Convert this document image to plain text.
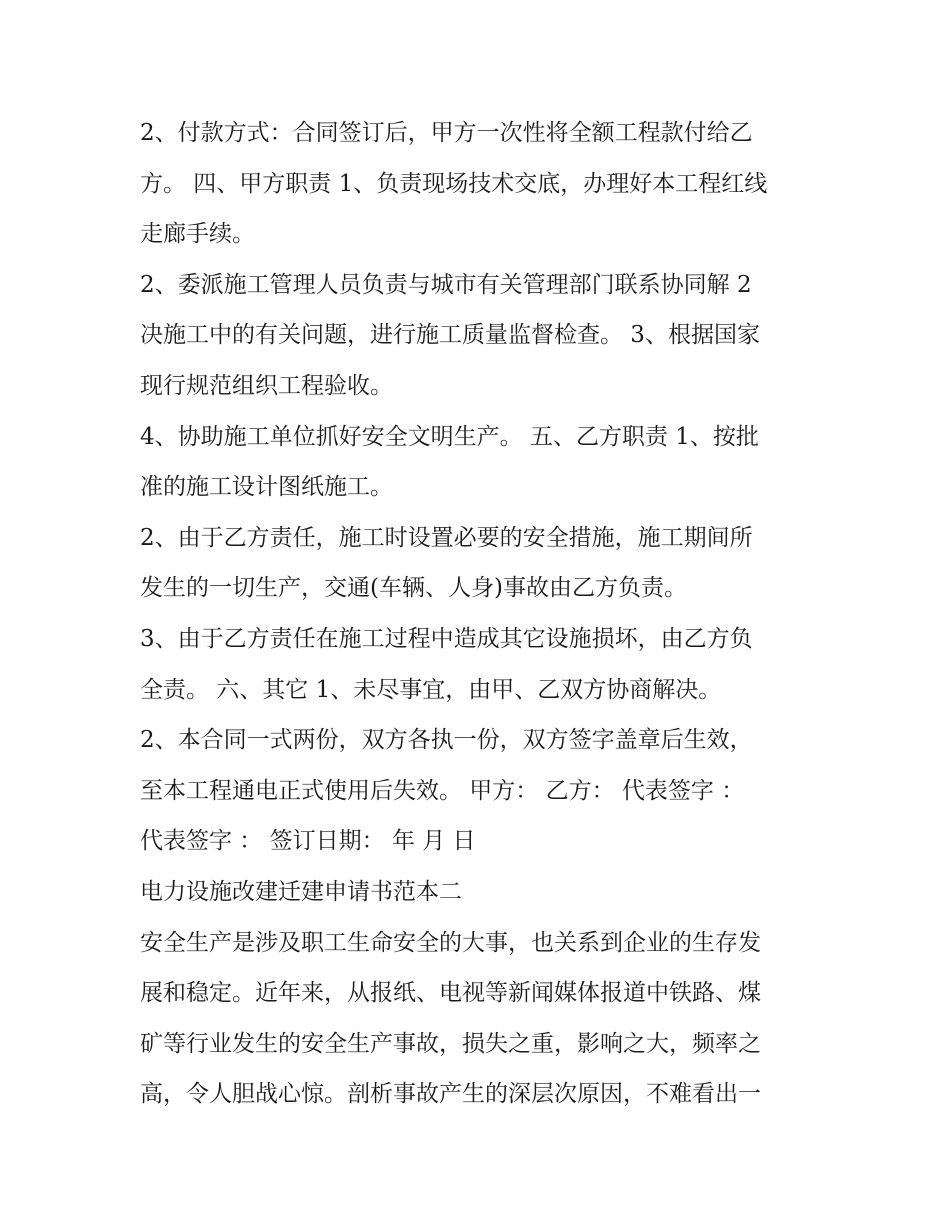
2、付款方式：合同签订后，甲方一次性将全额工程款付给乙
方。 四、甲方职责 1、负责现场技术交底，办理好本工程红线
走廊手续。
2、委派施工管理人员负责与城市有关管理部门联系协同解 2
决施工中的有关问题，进行施工质量监督检查。 3、根据国家
现行规范组织工程验收。
4、协助施工单位抓好安全文明生产。 五、乙方职责 1、按批
准的施工设计图纸施工。
2、由于乙方责任，施工时设置必要的安全措施，施工期间所
发生的一切生产，交通(车辆、人身)事故由乙方负责。
3、由于乙方责任在施工过程中造成其它设施损坏，由乙方负
全责。 六、其它 1、未尽事宜，由甲、乙双方协商解决。
2、本合同一式两份，双方各执一份，双方签字盖章后生效，
至本工程通电正式使用后失效。 甲方： 乙方： 代表签字 ：
代表签字 ： 签订日期： 年 月 日
电力设施改建迁建申请书范本二
安全生产是涉及职工生命安全的大事，也关系到企业的生存发
展和稳定。近年来，从报纸、电视等新闻媒体报道中铁路、煤
矿等行业发生的安全生产事故，损失之重，影响之大，频率之
高，令人胆战心惊。剖析事故产生的深层次原因，不难看出一
